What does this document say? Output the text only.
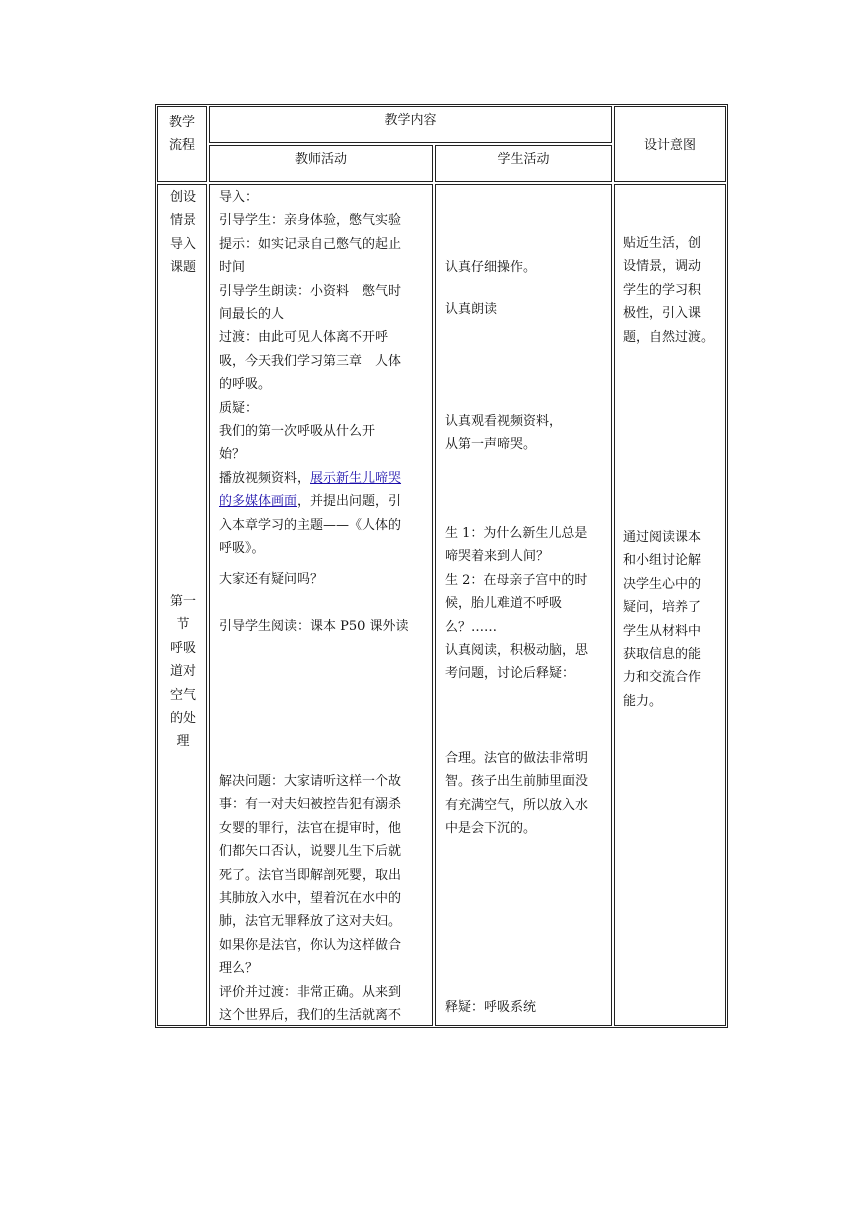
教学
流程
教学内容
教师活动	学生活动
设计意图
创设
情景
导入
课题
第一
节
呼吸
道对
空气
的处
理

导入：

引导学生：亲身体验，憋气实验

提示：如实记录自己憋气的起止

时间

引导学生朗读：小资料　憋气时

间最长的人

过渡：由此可见人体离不开呼

吸，今天我们学习第三章　人体

的呼吸。

质疑：

我们的第一次呼吸从什么开

始？

播放视频资料，展示新生儿啼哭

的多媒体画面，并提出问题，引

入本章学习的主题——《人体的

呼吸》。

大家还有疑问吗？

引导学生阅读：课本 P50 课外读

解决问题：大家请听这样一个故

事：有一对夫妇被控告犯有溺杀

女婴的罪行，法官在提审时，他

们都矢口否认，说婴儿生下后就

死了。法官当即解剖死婴，取出

其肺放入水中，望着沉在水中的

肺，法官无罪释放了这对夫妇。

如果你是法官，你认为这样做合

理么？

评价并过渡：非常正确。从来到

这个世界后，我们的生活就离不

认真仔细操作。

认真朗读

认真观看视频资料，

从第一声啼哭。

生 1：为什么新生儿总是

啼哭着来到人间？

生 2：在母亲子宫中的时

候，胎儿难道不呼吸

么？……

认真阅读，积极动脑，思

考问题，讨论后释疑：

合理。法官的做法非常明

智。孩子出生前肺里面没

有充满空气，所以放入水

中是会下沉的。

释疑：呼吸系统

贴近生活，创

设情景，调动

学生的学习积

极性，引入课

题，自然过渡。

通过阅读课本

和小组讨论解

决学生心中的

疑问，培养了

学生从材料中

获取信息的能

力和交流合作

能力。
